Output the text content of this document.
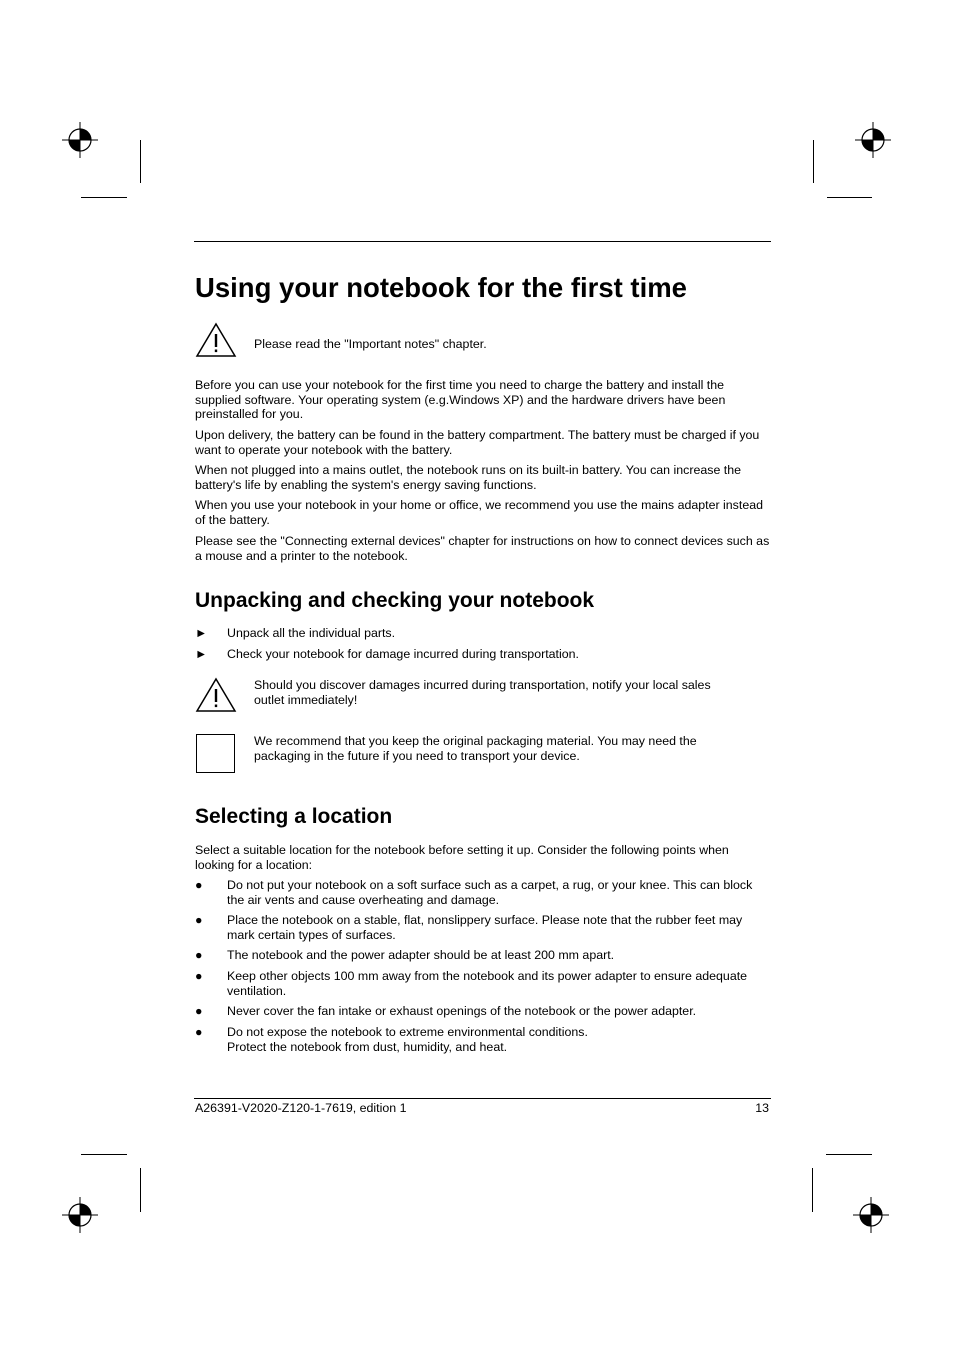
Using your notebook for the first time
Please read the "Important notes" chapter.
Before you can use your notebook for the first time you need to charge the battery and install the supplied software. Your operating system (e.g.Windows XP) and the hardware drivers have been preinstalled for you.
Upon delivery, the battery can be found in the battery compartment. The battery must be charged if you want to operate your notebook with the battery.
When not plugged into a mains outlet, the notebook runs on its built-in battery. You can increase the battery's life by enabling the system's energy saving functions.
When you use your notebook in your home or office, we recommend you use the mains adapter instead of the battery.
Please see the "Connecting external devices" chapter for instructions on how to connect devices such as a mouse and a printer to the notebook.
Unpacking and checking your notebook
►	Unpack all the individual parts.
►	Check your notebook for damage incurred during transportation.
Should you discover damages incurred during transportation, notify your local sales outlet immediately!
We recommend that you keep the original packaging material. You may need the packaging in the future if you need to transport your device.
Selecting a location
Select a suitable location for the notebook before setting it up. Consider the following points when looking for a location:
●	Do not put your notebook on a soft surface such as a carpet, a rug, or your knee. This can block the air vents and cause overheating and damage.
●	Place the notebook on a stable, flat, nonslippery surface. Please note that the rubber feet may mark certain types of surfaces.
●	The notebook and the power adapter should be at least 200 mm apart.
●	Keep other objects 100 mm away from the notebook and its power adapter to ensure adequate ventilation.
●	Never cover the fan intake or exhaust openings of the notebook or the power adapter.
●	Do not expose the notebook to extreme environmental conditions.
Protect the notebook from dust, humidity, and heat.
A26391-V2020-Z120-1-7619, edition 1	13
